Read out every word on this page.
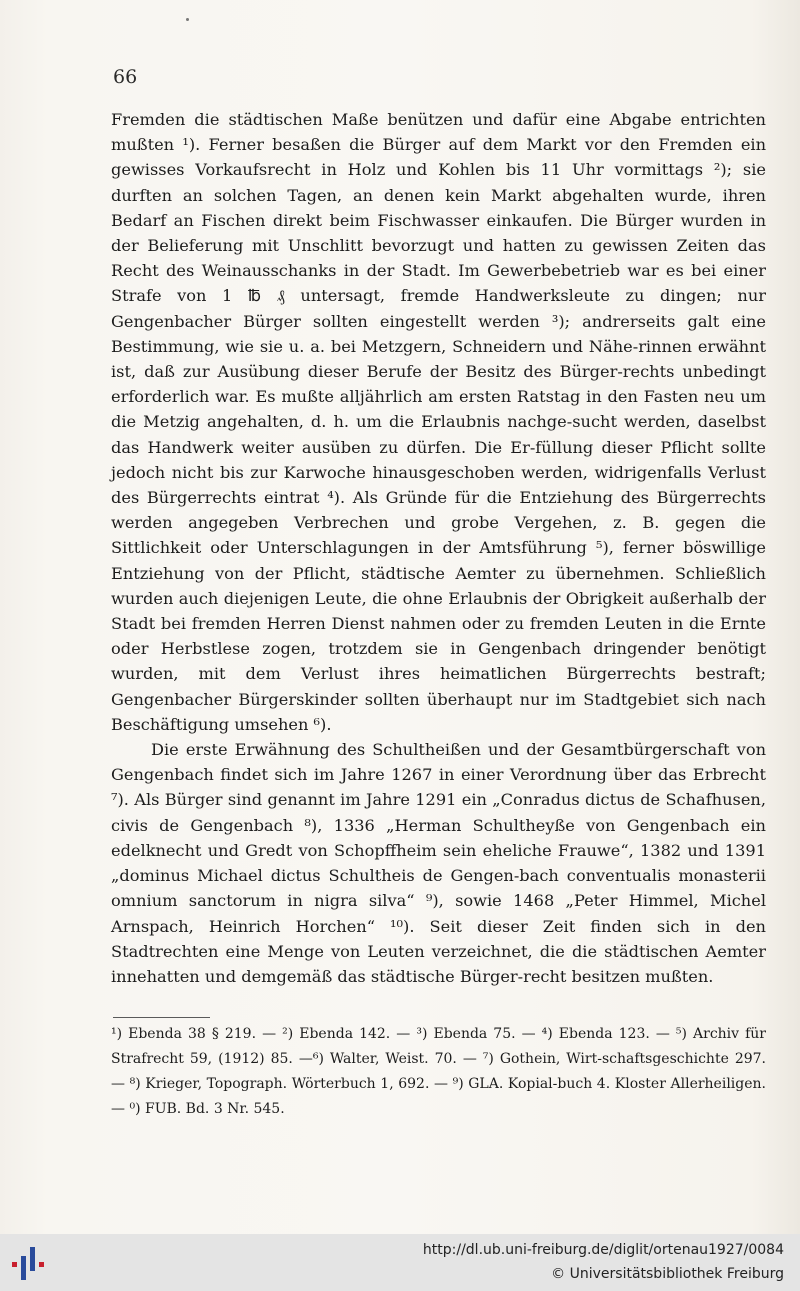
66

Fremden die städtischen Maße benützen und dafür eine Abgabe entrichten mußten ¹). Ferner besaßen die Bürger auf dem Markt vor den Fremden ein gewisses Vorkaufsrecht in Holz und Kohlen bis 11 Uhr vormittags ²); sie durften an solchen Tagen, an denen kein Markt abgehalten wurde, ihren Bedarf an Fischen direkt beim Fischwasser einkaufen. Die Bürger wurden in der Belieferung mit Unschlitt bevorzugt und hatten zu gewissen Zeiten das Recht des Weinausschanks in der Stadt. Im Gewerbebetrieb war es bei einer Strafe von 1 ℔ ₰ untersagt, fremde Handwerksleute zu dingen; nur Gengenbacher Bürger sollten eingestellt werden ³); andrerseits galt eine Bestimmung, wie sie u. a. bei Metzgern, Schneidern und Nähe-rinnen erwähnt ist, daß zur Ausübung dieser Berufe der Besitz des Bürger-rechts unbedingt erforderlich war. Es mußte alljährlich am ersten Ratstag in den Fasten neu um die Metzig angehalten, d. h. um die Erlaubnis nachge-sucht werden, daselbst das Handwerk weiter ausüben zu dürfen. Die Er-füllung dieser Pflicht sollte jedoch nicht bis zur Karwoche hinausgeschoben werden, widrigenfalls Verlust des Bürgerrechts eintrat ⁴). Als Gründe für die Entziehung des Bürgerrechts werden angegeben Verbrechen und grobe Vergehen, z. B. gegen die Sittlichkeit oder Unterschlagungen in der Amtsführung ⁵), ferner böswillige Entziehung von der Pflicht, städtische Aemter zu übernehmen. Schließlich wurden auch diejenigen Leute, die ohne Erlaubnis der Obrigkeit außerhalb der Stadt bei fremden Herren Dienst nahmen oder zu fremden Leuten in die Ernte oder Herbstlese zogen, trotzdem sie in Gengenbach dringender benötigt wurden, mit dem Verlust ihres heimatlichen Bürgerrechts bestraft; Gengenbacher Bürgerskinder sollten überhaupt nur im Stadtgebiet sich nach Beschäftigung umsehen ⁶).

Die erste Erwähnung des Schultheißen und der Gesamtbürgerschaft von Gengenbach findet sich im Jahre 1267 in einer Verordnung über das Erbrecht ⁷). Als Bürger sind genannt im Jahre 1291 ein „Conradus dictus de Schafhusen, civis de Gengenbach ⁸), 1336 „Herman Schultheyße von Gengenbach ein edelknecht und Gredt von Schopffheim sein eheliche Frauwe“, 1382 und 1391 „dominus Michael dictus Schultheis de Gengen-bach conventualis monasterii omnium sanctorum in nigra silva“ ⁹), sowie 1468 „Peter Himmel, Michel Arnspach, Heinrich Horchen“ ¹⁰). Seit dieser Zeit finden sich in den Stadtrechten eine Menge von Leuten verzeichnet, die die städtischen Aemter innehatten und demgemäß das städtische Bürger-recht besitzen mußten.

¹) Ebenda 38 § 219. — ²) Ebenda 142. — ³) Ebenda 75. — ⁴) Ebenda 123. — ⁵) Archiv für Strafrecht 59, (1912) 85. —⁶) Walter, Weist. 70. — ⁷) Gothein, Wirt-schaftsgeschichte 297. — ⁸) Krieger, Topograph. Wörterbuch 1, 692. — ⁹) GLA. Kopial-buch 4. Kloster Allerheiligen. — ⁰) FUB. Bd. 3 Nr. 545.
http://dl.ub.uni-freiburg.de/diglit/ortenau1927/0084
© Universitätsbibliothek Freiburg
